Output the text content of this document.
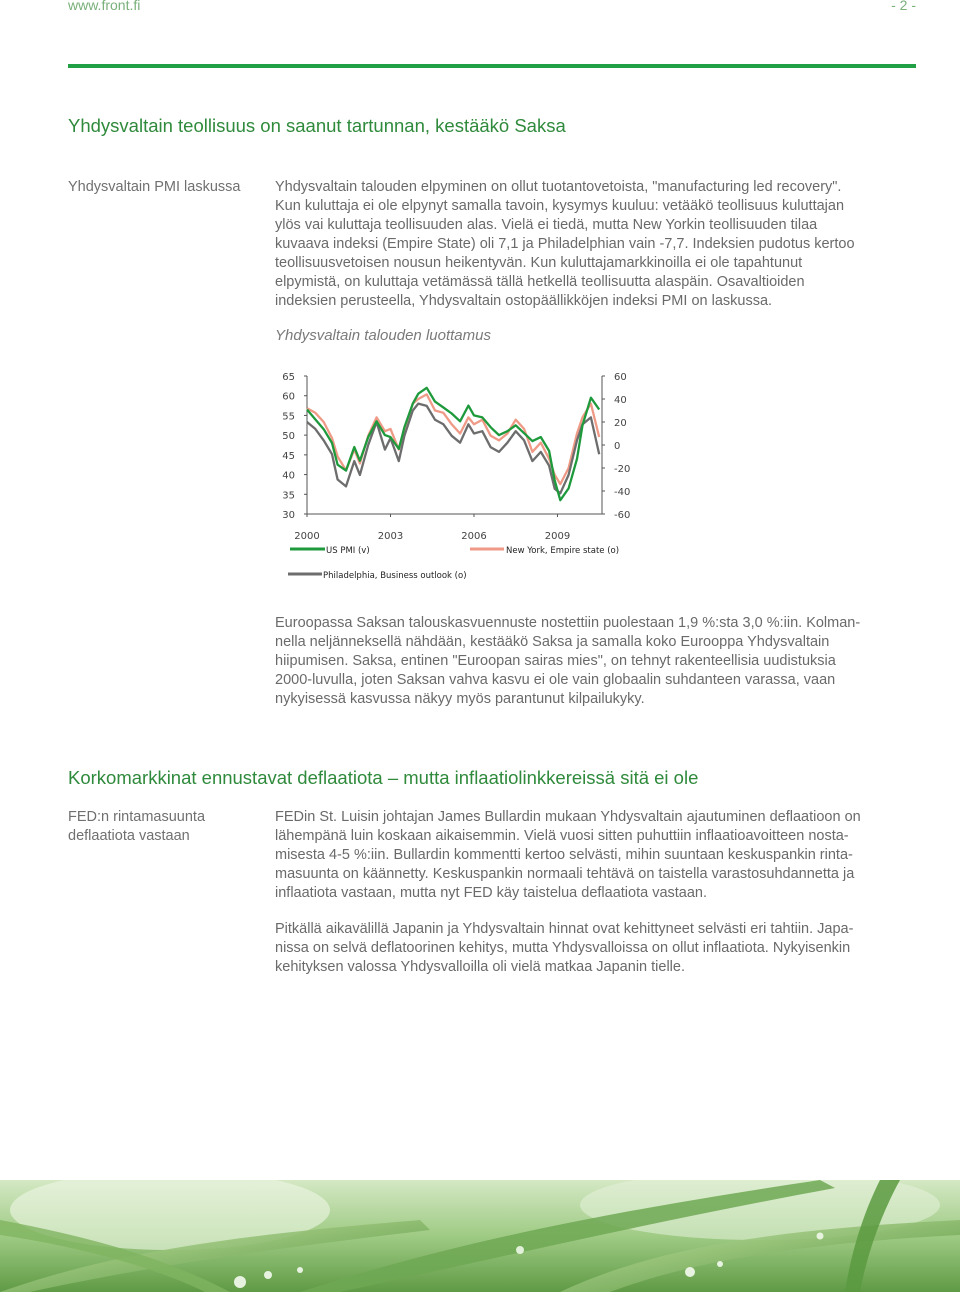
www.front.fi	- 2 -
Yhdysvaltain teollisuus on saanut tartunnan, kestääkö Saksa
Yhdysvaltain PMI laskussa	Yhdysvaltain talouden elpyminen on ollut tuotantovetoista, "manufacturing led recovery".
Kun kuluttaja ei ole elpynyt samalla tavoin, kysymys kuuluu: vetääkö teollisuus kuluttajan
ylös vai kuluttaja teollisuuden alas. Vielä ei tiedä, mutta New Yorkin teollisuuden tilaa
kuvaava indeksi (Empire State) oli 7,1 ja Philadelphian vain -7,7. Indeksien pudotus kertoo
teollisuusvetoisen nousun heikentyvän. Kun kuluttajamarkkinoilla ei ole tapahtunut
elpymistä, on kuluttaja vetämässä tällä hetkellä teollisuutta alaspäin. Osavaltioiden
indeksien perusteella, Yhdysvaltain ostopäällikköjen indeksi PMI on laskussa.
Yhdysvaltain talouden luottamus
65
60
55
50
45
40
35
30
60
40
20
0
-20
-40
-60
2000	2003	2006	2009
US PMI (v)	New York, Empire state (o)
Philadelphia, Business outlook (o)
Euroopassa Saksan talouskasvuennuste nostettiin puolestaan 1,9 %:sta 3,0 %:iin. Kolman-
nella neljänneksellä nähdään, kestääkö Saksa ja samalla koko Eurooppa Yhdysvaltain
hiipumisen. Saksa, entinen "Euroopan sairas mies", on tehnyt rakenteellisia uudistuksia
2000-luvulla, joten Saksan vahva kasvu ei ole vain globaalin suhdanteen varassa, vaan
nykyisessä kasvussa näkyy myös parantunut kilpailukyky.
Korkomarkkinat ennustavat deflaatiota – mutta inflaatiolinkkereissä sitä ei ole
FED:n rintamasuunta deflaatiota vastaan
FEDin St. Luisin johtajan James Bullardin mukaan Yhdysvaltain ajautuminen deflaatioon on
lähempänä luin koskaan aikaisemmin. Vielä vuosi sitten puhuttiin inflaatioavoitteen nosta-
misesta 4-5 %:iin. Bullardin kommentti kertoo selvästi, mihin suuntaan keskuspankin rinta-
masuunta on käännetty. Keskuspankin normaali tehtävä on taistella varastosuhdannetta ja
inflaatiota vastaan, mutta nyt FED käy taistelua deflaatiota vastaan.
Pitkällä aikavälillä Japanin ja Yhdysvaltain hinnat ovat kehittyneet selvästi eri tahtiin. Japa-
nissa on selvä deflatoorinen kehitys, mutta Yhdysvalloissa on ollut inflaatiota. Nykyisenkin
kehityksen valossa Yhdysvalloilla oli vielä matkaa Japanin tielle.
